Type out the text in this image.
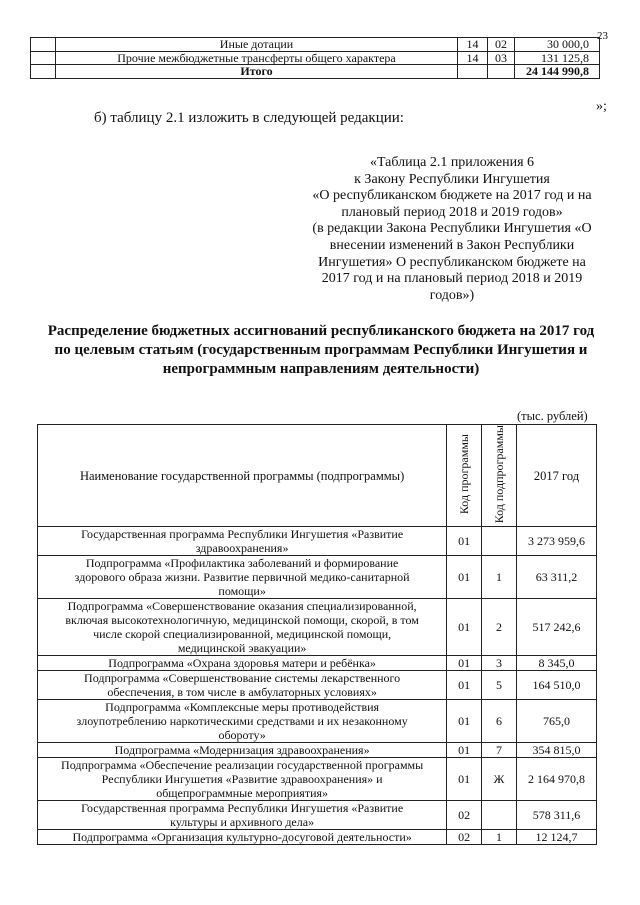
23
	Иные дотации	14	02	30 000,0
	Прочие межбюджетные трансферты общего характера	14	03	131 125,8
	Итого			24 144 990,8
»;
б) таблицу 2.1 изложить в следующей редакции:
«Таблица 2.1 приложения 6
к Закону Республики Ингушетия
«О республиканском бюджете на 2017 год и на
плановый период 2018 и 2019 годов»
(в редакции Закона Республики Ингушетия «О
внесении изменений в Закон Республики
Ингушетия» О республиканском бюджете на
2017 год и на плановый период 2018 и 2019
годов»)
Распределение бюджетных ассигнований республиканского бюджета на 2017 год
по целевым статьям (государственным программам Республики Ингушетия и
непрограммным направлениям деятельности)
(тыс. рублей)
Наименование государственной программы (подпрограммы)	Код программы	Код подпрограммы	2017 год

Государственная программа Республики Ингушетия «Развитие
здравоохранения»	01		3 273 959,6

Подпрограмма «Профилактика заболеваний и формирование
здорового образа жизни. Развитие первичной медико-санитарной
помощи»	01	1	63 311,2

Подпрограмма «Совершенствование оказания специализированной,
включая высокотехнологичную, медицинской помощи, скорой, в том
числе скорой специализированной, медицинской помощи,
медицинской эвакуации»	01	2	517 242,6

Подпрограмма «Охрана здоровья матери и ребёнка»	01	3	8 345,0

Подпрограмма «Совершенствование системы лекарственного
обеспечения, в том числе в амбулаторных условиях»	01	5	164 510,0

Подпрограмма «Комплексные меры противодействия
злоупотреблению наркотическими средствами и их незаконному
обороту»	01	6	765,0

Подпрограмма «Модернизация здравоохранения»	01	7	354 815,0

Подпрограмма «Обеспечение реализации государственной программы
Республики Ингушетия «Развитие здравоохранения» и
общепрограммные мероприятия»	01	Ж	2 164 970,8

Государственная программа Республики Ингушетия «Развитие
культуры и архивного дела»	02		578 311,6

Подпрограмма «Организация культурно-досуговой деятельности»	02	1	12 124,7
